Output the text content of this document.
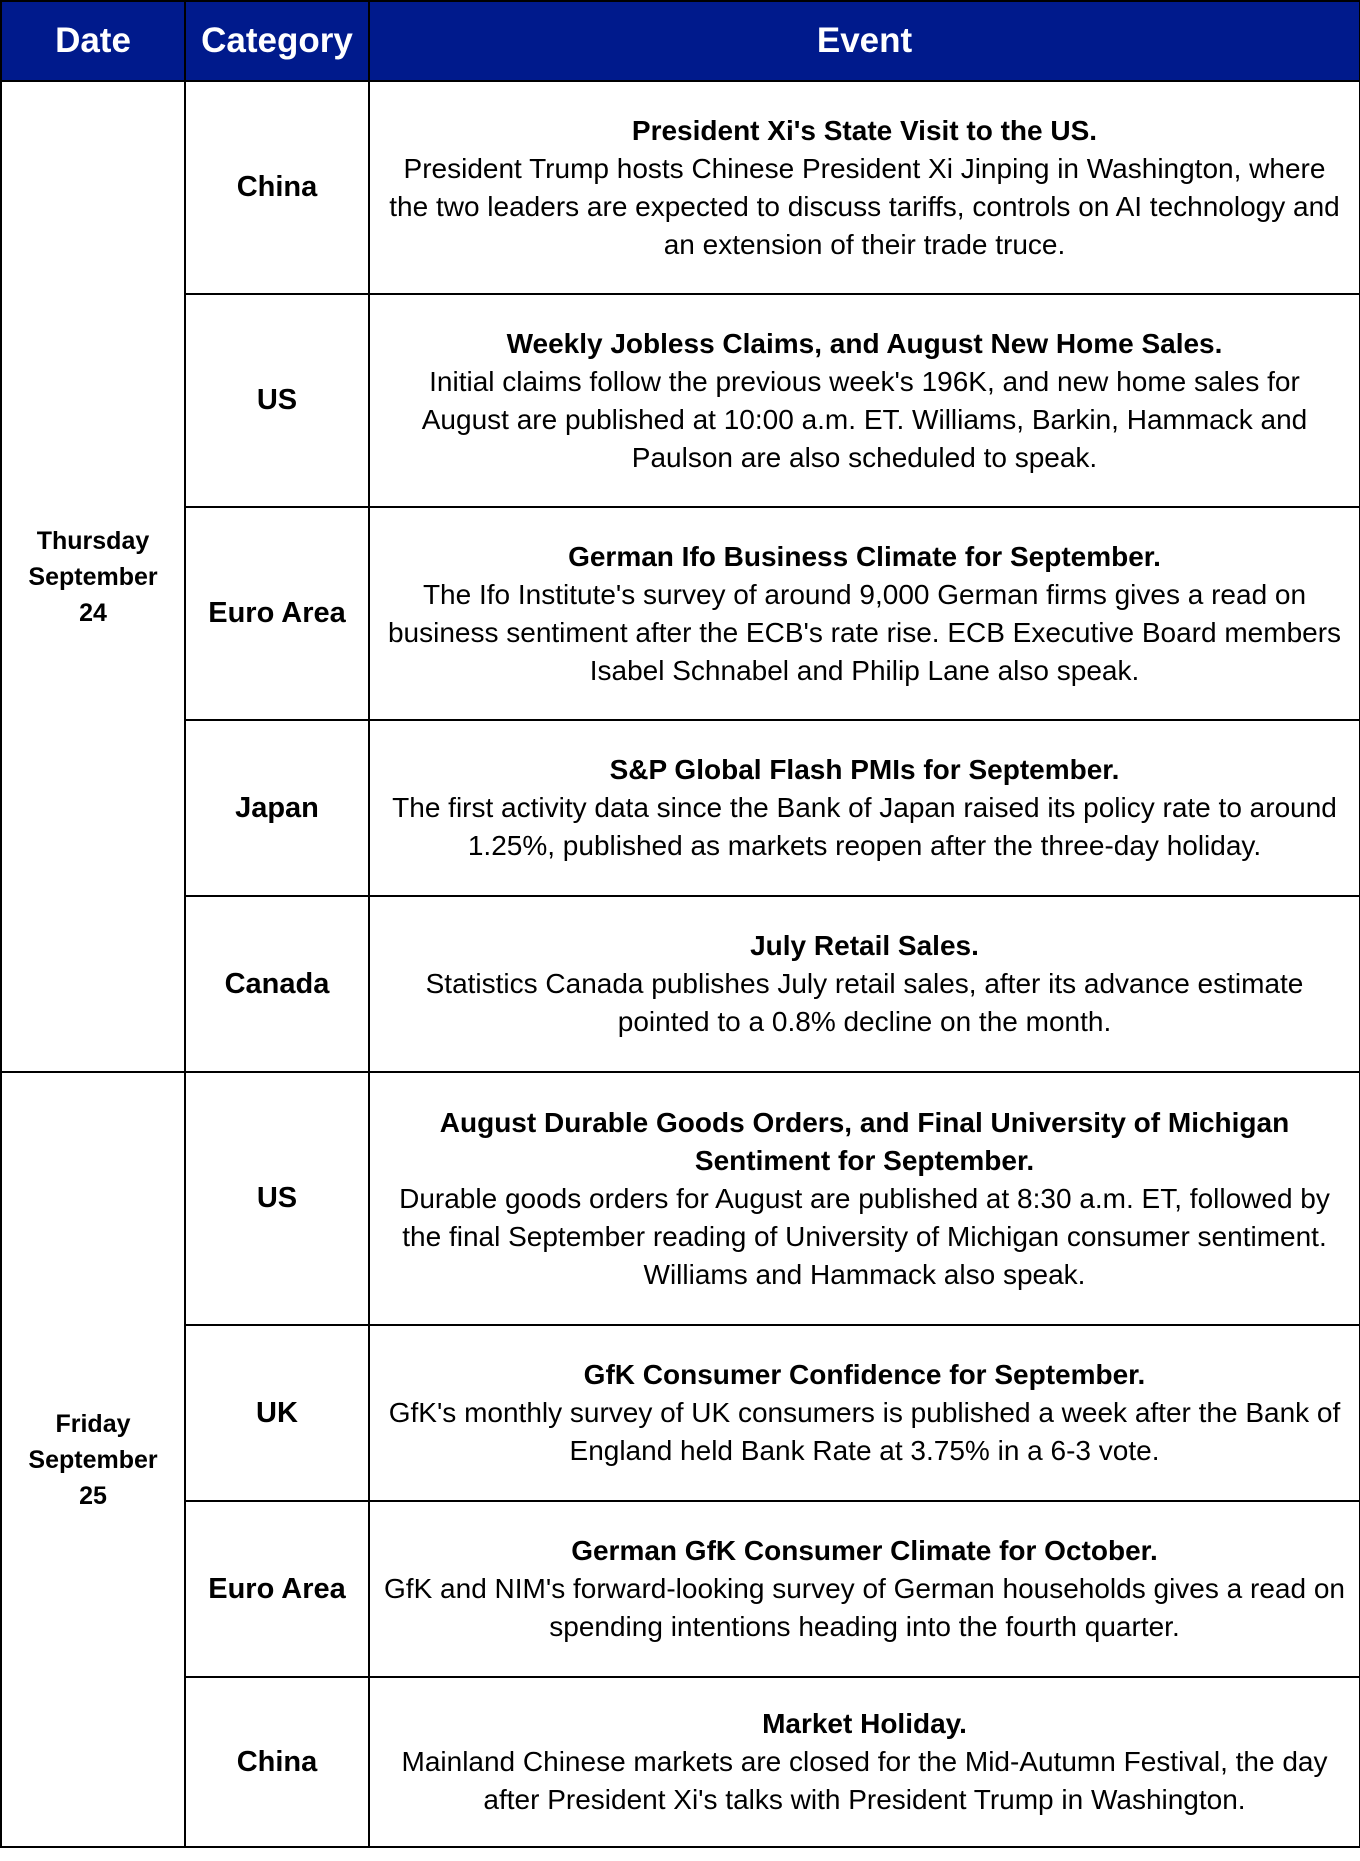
Date	Category	Event
Thursday
September 24	China	President Xi's State Visit to the US.
President Trump hosts Chinese President Xi Jinping in Washington, where the two leaders are expected to discuss tariffs, controls on AI technology and an extension of their trade truce.

	US	Weekly Jobless Claims, and August New Home Sales.
Initial claims follow the previous week's 196K, and new home sales for August are published at 10:00 a.m. ET. Williams, Barkin, Hammack and Paulson are also scheduled to speak.

	Euro Area	German Ifo Business Climate for September.
The Ifo Institute's survey of around 9,000 German firms gives a read on business sentiment after the ECB's rate rise. ECB Executive Board members Isabel Schnabel and Philip Lane also speak.

	Japan	S&P Global Flash PMIs for September.
The first activity data since the Bank of Japan raised its policy rate to around 1.25%, published as markets reopen after the three-day holiday.

	Canada	July Retail Sales.
Statistics Canada publishes July retail sales, after its advance estimate pointed to a 0.8% decline on the month.

Friday
September 25	US	August Durable Goods Orders, and Final University of Michigan Sentiment for September.
Durable goods orders for August are published at 8:30 a.m. ET, followed by the final September reading of University of Michigan consumer sentiment. Williams and Hammack also speak.

	UK	GfK Consumer Confidence for September.
GfK's monthly survey of UK consumers is published a week after the Bank of England held Bank Rate at 3.75% in a 6-3 vote.

	Euro Area	German GfK Consumer Climate for October.
GfK and NIM's forward-looking survey of German households gives a read on spending intentions heading into the fourth quarter.

	China	Market Holiday.
Mainland Chinese markets are closed for the Mid-Autumn Festival, the day after President Xi's talks with President Trump in Washington.
